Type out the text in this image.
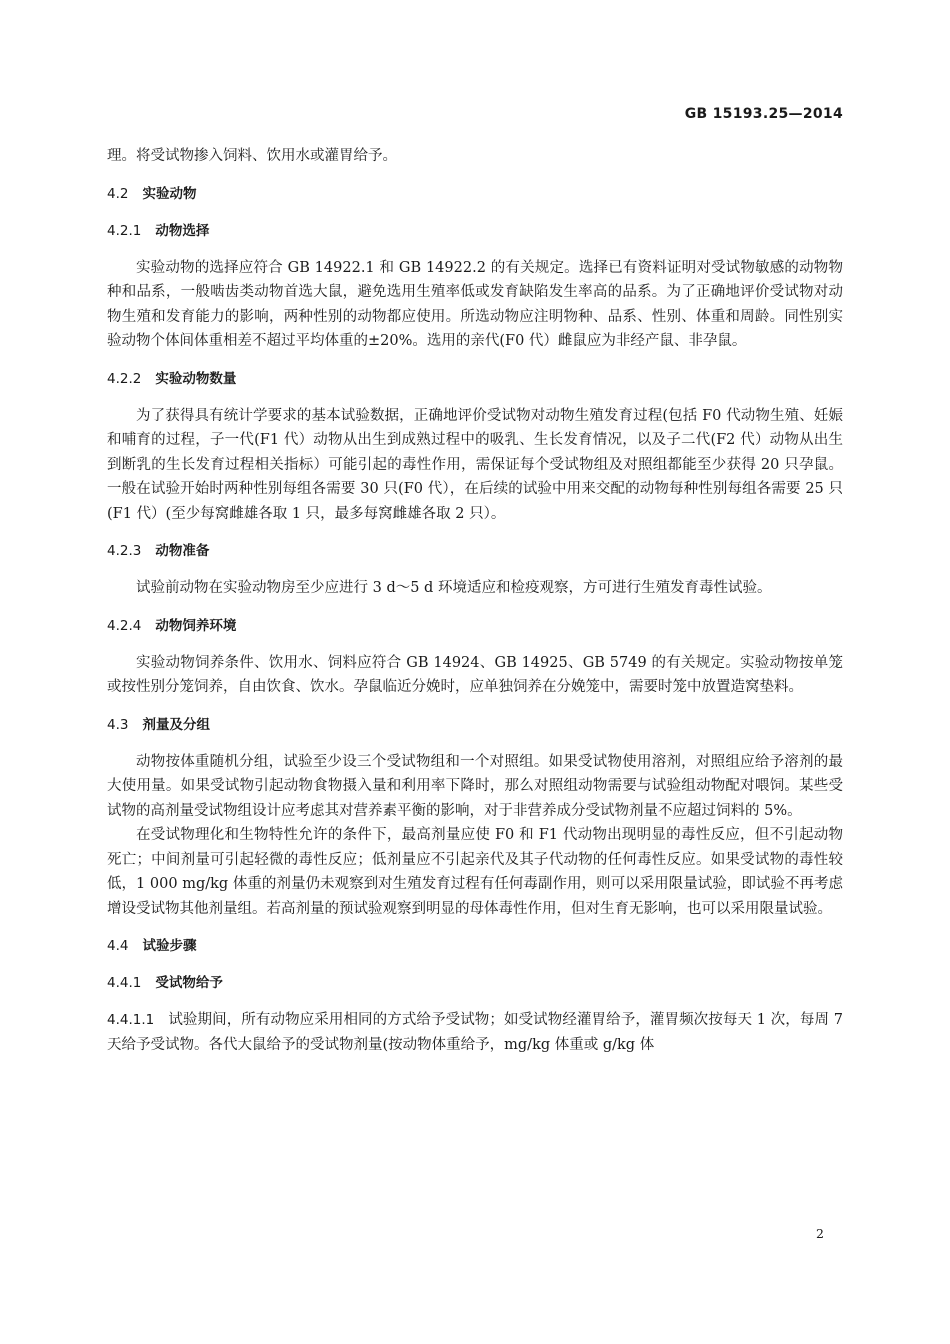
GB 15193.25—2014

理。将受试物掺入饲料、饮用水或灌胃给予。

4.2 实验动物
4.2.1 动物选择

实验动物的选择应符合 GB 14922.1 和 GB 14922.2 的有关规定。选择已有资料证明对受试物敏感的动物物种和品系，一般啮齿类动物首选大鼠，避免选用生殖率低或发育缺陷发生率高的品系。为了正确地评价受试物对动物生殖和发育能力的影响，两种性别的动物都应使用。所选动物应注明物种、品系、性别、体重和周龄。同性别实验动物个体间体重相差不超过平均体重的±20%。选用的亲代(F0 代）雌鼠应为非经产鼠、非孕鼠。

4.2.2 实验动物数量

为了获得具有统计学要求的基本试验数据，正确地评价受试物对动物生殖发育过程(包括 F0 代动物生殖、妊娠和哺育的过程，子一代(F1 代）动物从出生到成熟过程中的吸乳、生长发育情况，以及子二代(F2 代）动物从出生到断乳的生长发育过程相关指标）可能引起的毒性作用，需保证每个受试物组及对照组都能至少获得 20 只孕鼠。一般在试验开始时两种性别每组各需要 30 只(F0 代），在后续的试验中用来交配的动物每种性别每组各需要 25 只(F1 代）(至少每窝雌雄各取 1 只，最多每窝雌雄各取 2 只）。

4.2.3 动物准备

试验前动物在实验动物房至少应进行 3 d～5 d 环境适应和检疫观察，方可进行生殖发育毒性试验。

4.2.4 动物饲养环境

实验动物饲养条件、饮用水、饲料应符合 GB 14924、GB 14925、GB 5749 的有关规定。实验动物按单笼或按性别分笼饲养，自由饮食、饮水。孕鼠临近分娩时，应单独饲养在分娩笼中，需要时笼中放置造窝垫料。

4.3 剂量及分组

动物按体重随机分组，试验至少设三个受试物组和一个对照组。如果受试物使用溶剂，对照组应给予溶剂的最大使用量。如果受试物引起动物食物摄入量和利用率下降时，那么对照组动物需要与试验组动物配对喂饲。某些受试物的高剂量受试物组设计应考虑其对营养素平衡的影响，对于非营养成分受试物剂量不应超过饲料的 5%。

在受试物理化和生物特性允许的条件下，最高剂量应使 F0 和 F1 代动物出现明显的毒性反应，但不引起动物死亡；中间剂量可引起轻微的毒性反应；低剂量应不引起亲代及其子代动物的任何毒性反应。如果受试物的毒性较低，1 000 mg/kg 体重的剂量仍未观察到对生殖发育过程有任何毒副作用，则可以采用限量试验，即试验不再考虑增设受试物其他剂量组。若高剂量的预试验观察到明显的母体毒性作用，但对生育无影响，也可以采用限量试验。

4.4 试验步骤
4.4.1 受试物给予

4.4.1.1 试验期间，所有动物应采用相同的方式给予受试物；如受试物经灌胃给予，灌胃频次按每天 1 次，每周 7 天给予受试物。各代大鼠给予的受试物剂量(按动物体重给予，mg/kg 体重或 g/kg 体

2
